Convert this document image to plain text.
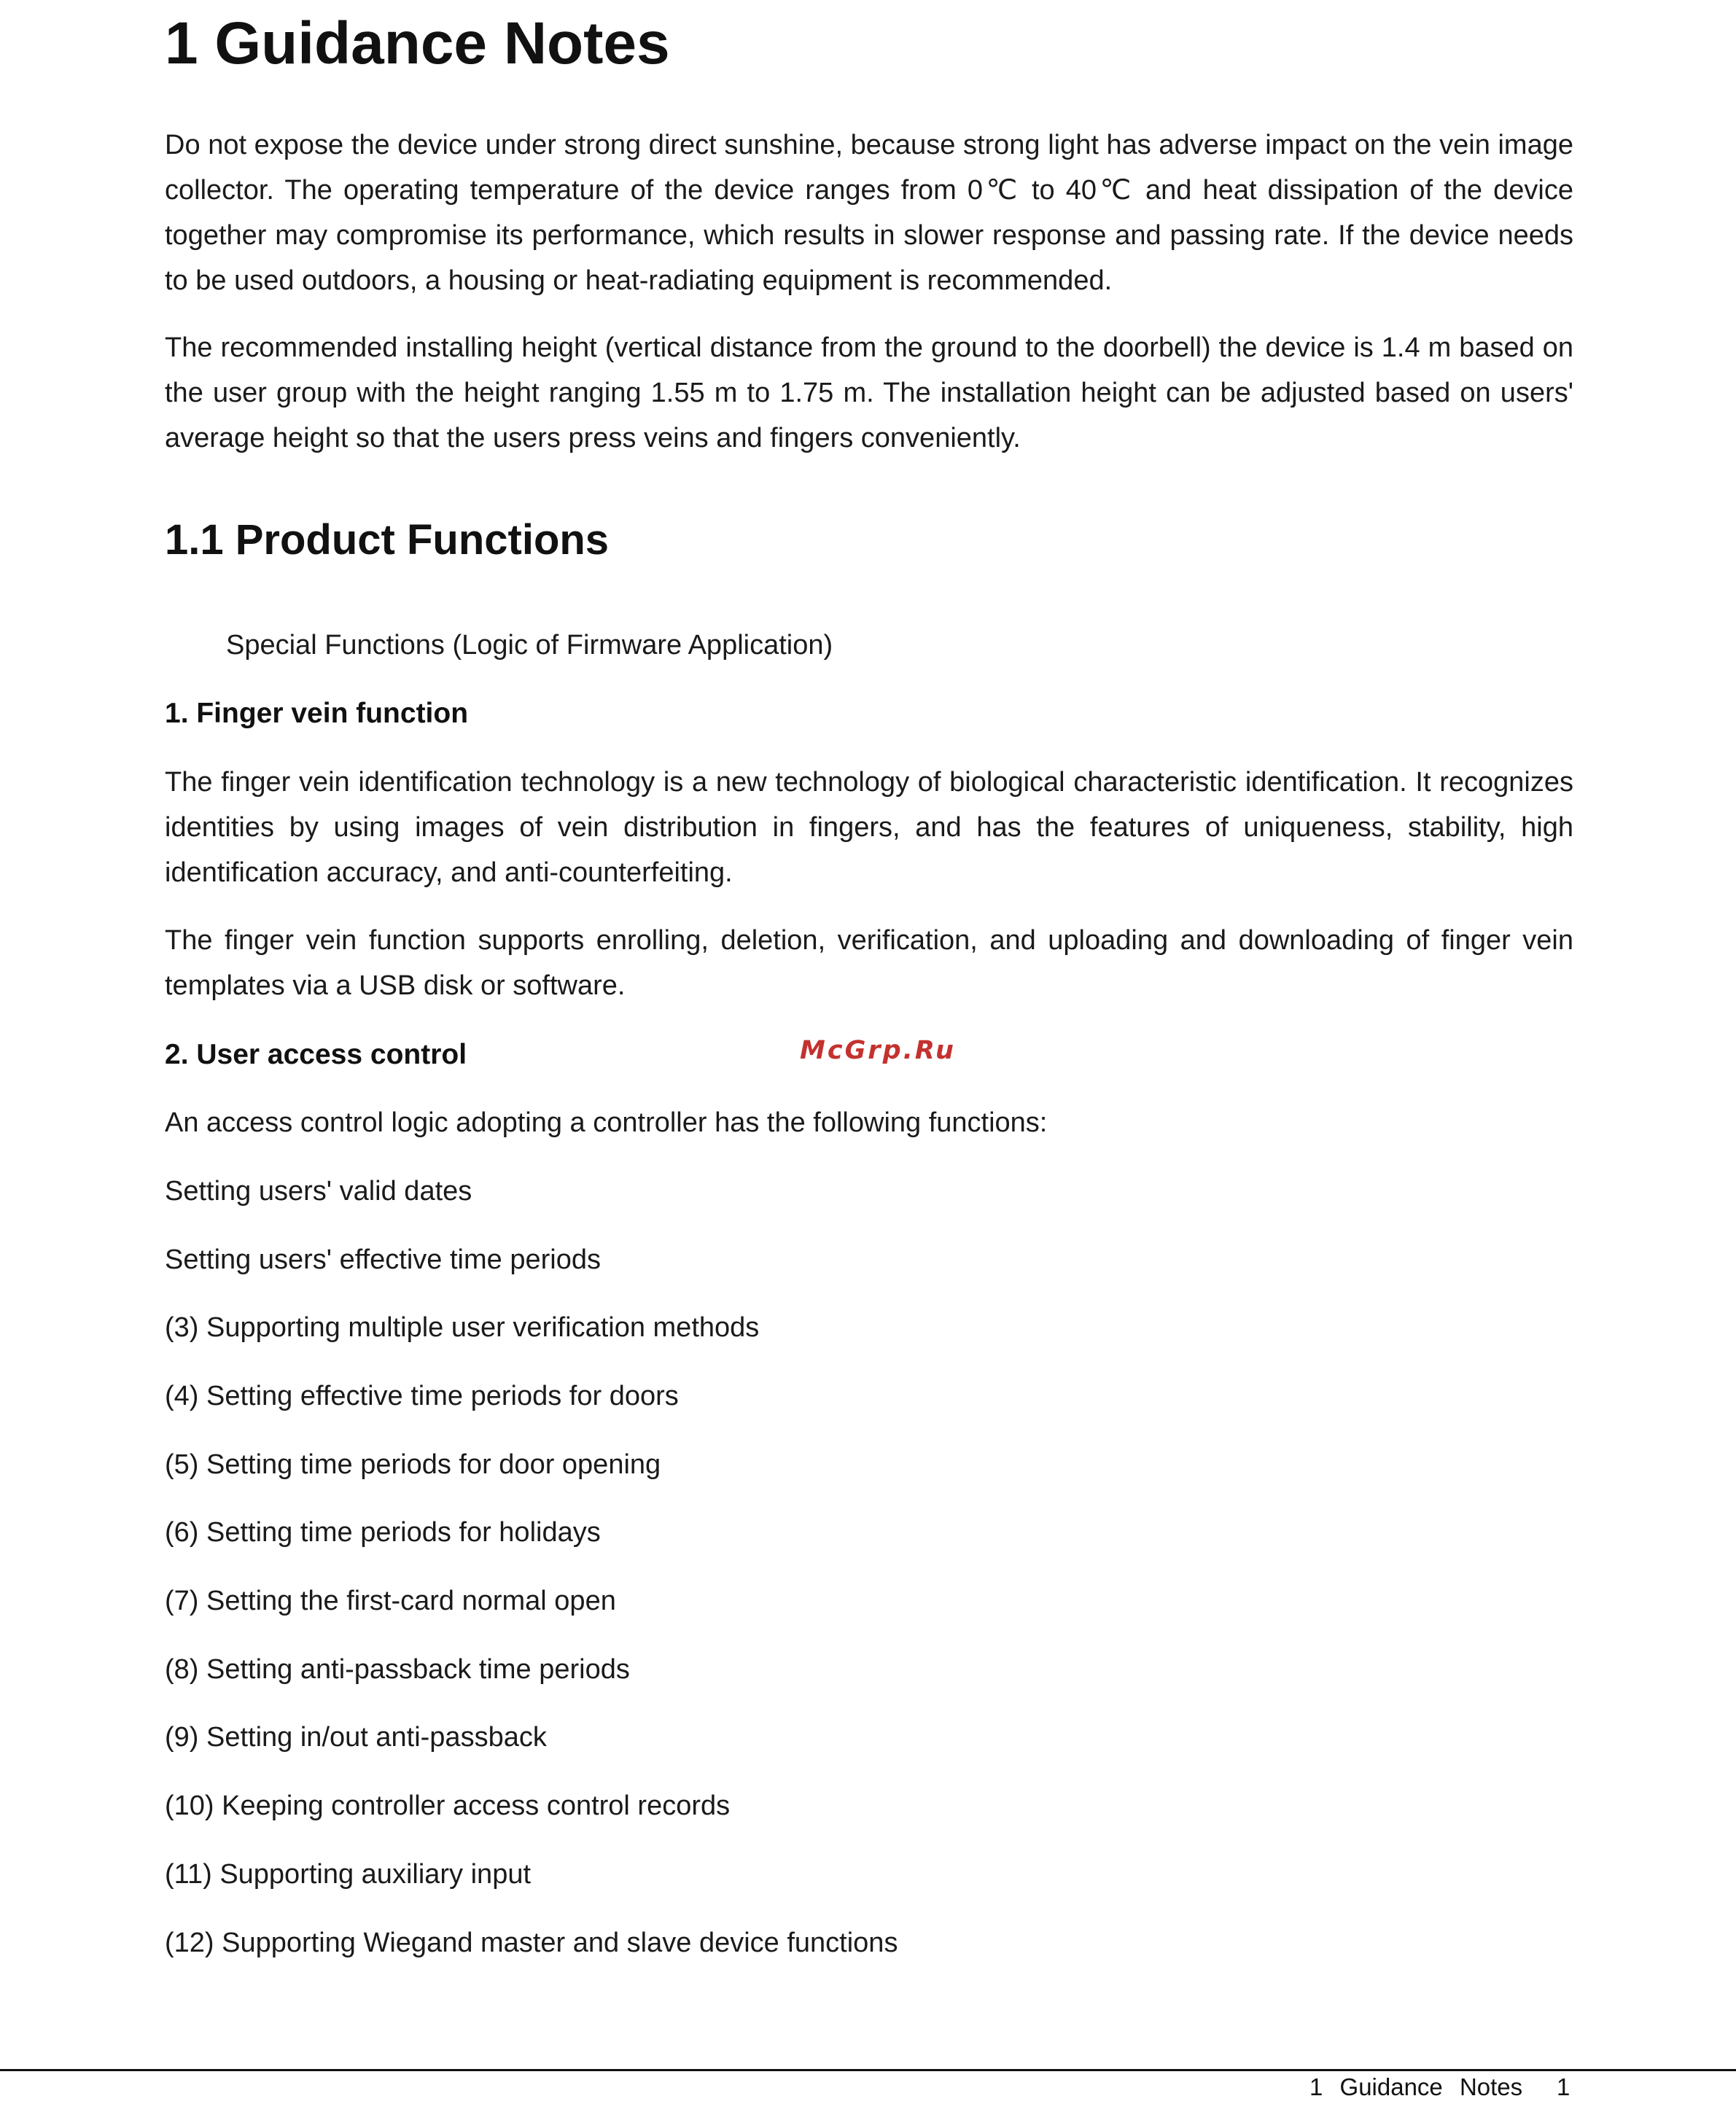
1 Guidance Notes

Do not expose the device under strong direct sunshine, because strong light has adverse impact on the vein image collector. The operating temperature of the device ranges from 0℃ to 40℃ and heat dissipation of the device together may compromise its performance, which results in slower response and passing rate. If the device needs to be used outdoors, a housing or heat-radiating equipment is recommended.

The recommended installing height (vertical distance from the ground to the doorbell) the device is 1.4 m based on the user group with the height ranging 1.55 m to 1.75 m. The installation height can be adjusted based on users' average height so that the users press veins and fingers conveniently.

1.1 Product Functions

Special Functions (Logic of Firmware Application)

1. Finger vein function

The finger vein identification technology is a new technology of biological characteristic identification. It recognizes identities by using images of vein distribution in fingers, and has the features of uniqueness, stability, high identification accuracy, and anti-counterfeiting.

The finger vein function supports enrolling, deletion, verification, and uploading and downloading of finger vein templates via a USB disk or software.

2. User access control

An access control logic adopting a controller has the following functions:

Setting users' valid dates

Setting users' effective time periods

(3) Supporting multiple user verification methods

(4) Setting effective time periods for doors

(5) Setting time periods for door opening

(6) Setting time periods for holidays

(7) Setting the first-card normal open

(8) Setting anti-passback time periods

(9) Setting in/out anti-passback

(10) Keeping controller access control records

(11) Supporting auxiliary input

(12) Supporting Wiegand master and slave device functions

McGrp.Ru
1 Guidance Notes 1
